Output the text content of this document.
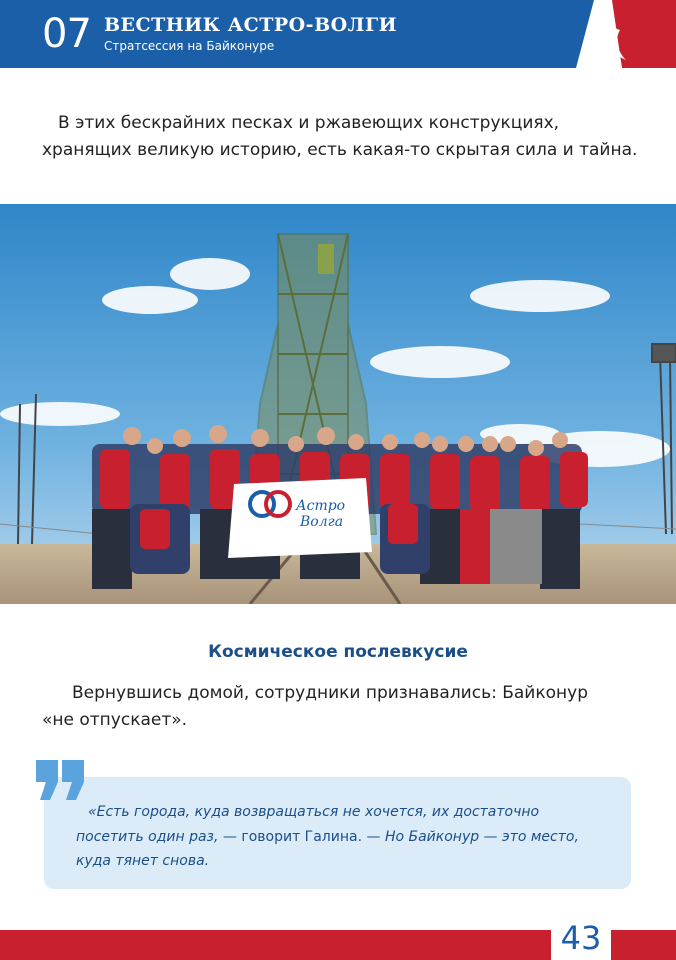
07 ВЕСТНИК АСТРО-ВОЛГИ
Стратсессия на Байконуре
В этих бескрайних песках и ржавеющих конструкциях,
хранящих великую историю, есть какая-то скрытая сила и тайна.
Астро
Волга
Космическое послевкусие
Вернувшись домой, сотрудники признавались: Байконур
«не отпускает».
«Есть города, куда возвращаться не хочется, их достаточно
посетить один раз, — говорит Галина. — Но Байконур — это место,
куда тянет снова.
43
